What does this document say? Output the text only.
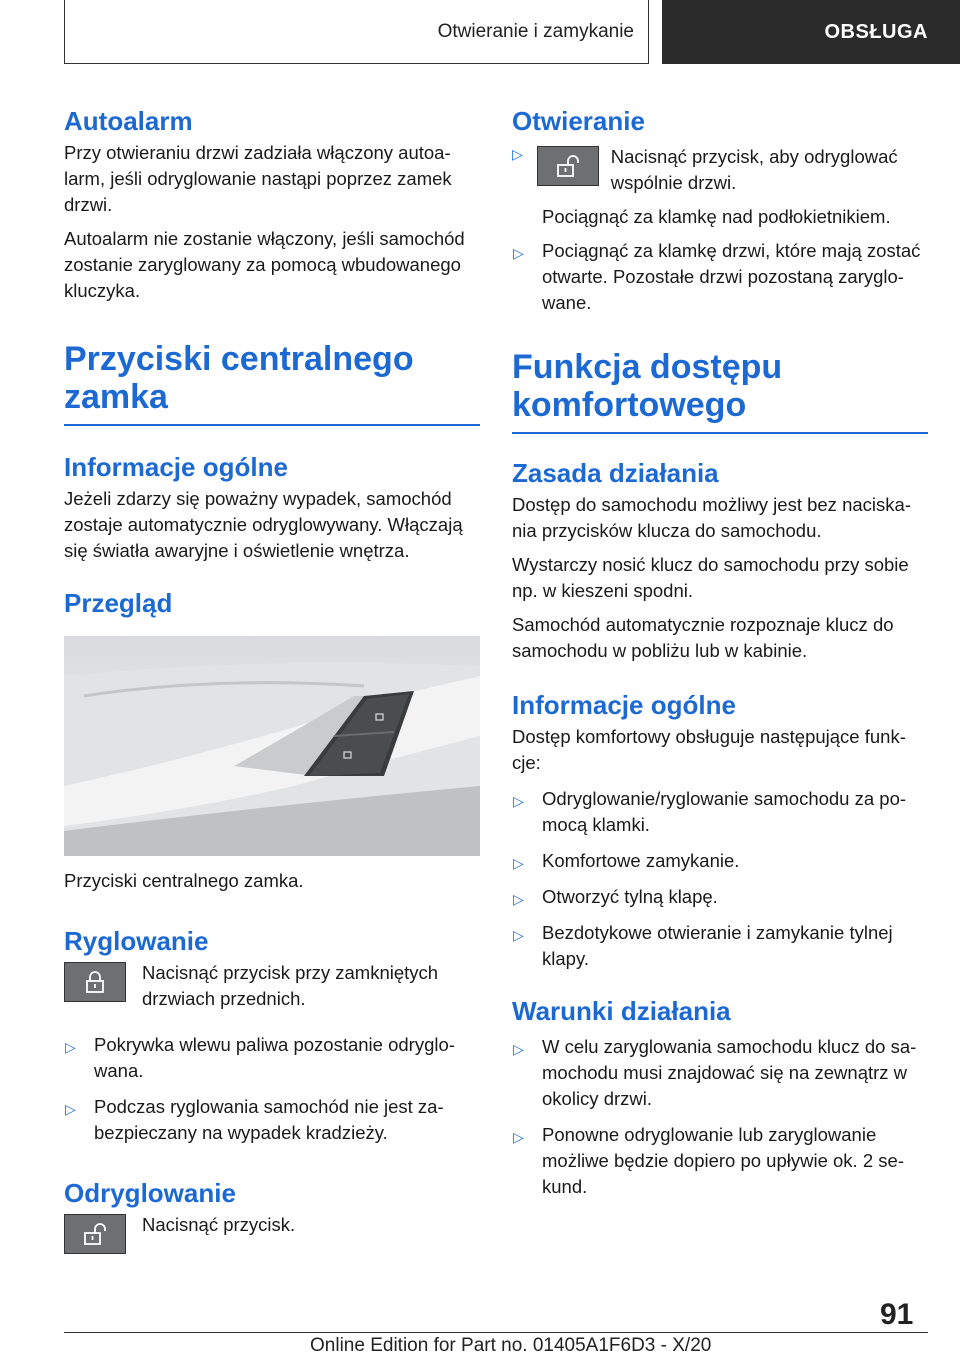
Otwieranie i zamykanie	OBSŁUGA
Autoalarm

Przy otwieraniu drzwi zadziała włączony autoalarm, jeśli odryglowanie nastąpi poprzez zamek drzwi.

Autoalarm nie zostanie włączony, jeśli samochód zostanie zaryglowany za pomocą wbudowanego kluczyka.

Przyciski centralnego zamka
Informacje ogólne

Jeżeli zdarzy się poważny wypadek, samochód zostaje automatycznie odryglowywany. Włączają się światła awaryjne i oświetlenie wnętrza.

Przegląd

Przyciski centralnego zamka.

Ryglowanie

Nacisnąć przycisk przy zamkniętych drzwiach przednich.

▷ Pokrywka wlewu paliwa pozostanie odryglowana.
▷ Podczas ryglowania samochód nie jest zabezpieczany na wypadek kradzieży.
Odryglowanie

Nacisnąć przycisk.

Otwieranie
▷	Nacisnąć przycisk, aby odryglować wspólnie drzwi.

Pociągnąć za klamkę nad podłokietnikiem.

▷ Pociągnąć za klamkę drzwi, które mają zostać otwarte. Pozostałe drzwi pozostaną zaryglowane.
Funkcja dostępu komfortowego
Zasada działania

Dostęp do samochodu możliwy jest bez naciskania przycisków klucza do samochodu.

Wystarczy nosić klucz do samochodu przy sobie np. w kieszeni spodni.

Samochód automatycznie rozpoznaje klucz do samochodu w pobliżu lub w kabinie.

Informacje ogólne

Dostęp komfortowy obsługuje następujące funkcje:

▷ Odryglowanie/ryglowanie samochodu za pomocą klamki.
▷ Komfortowe zamykanie.
▷ Otworzyć tylną klapę.
▷ Bezdotykowe otwieranie i zamykanie tylnej klapy.
Warunki działania
▷ W celu zaryglowania samochodu klucz do samochodu musi znajdować się na zewnątrz w okolicy drzwi.
▷ Ponowne odryglowanie lub zaryglowanie możliwe będzie dopiero po upływie ok. 2 sekund.
91
Online Edition for Part no. 01405A1F6D3 - X/20
